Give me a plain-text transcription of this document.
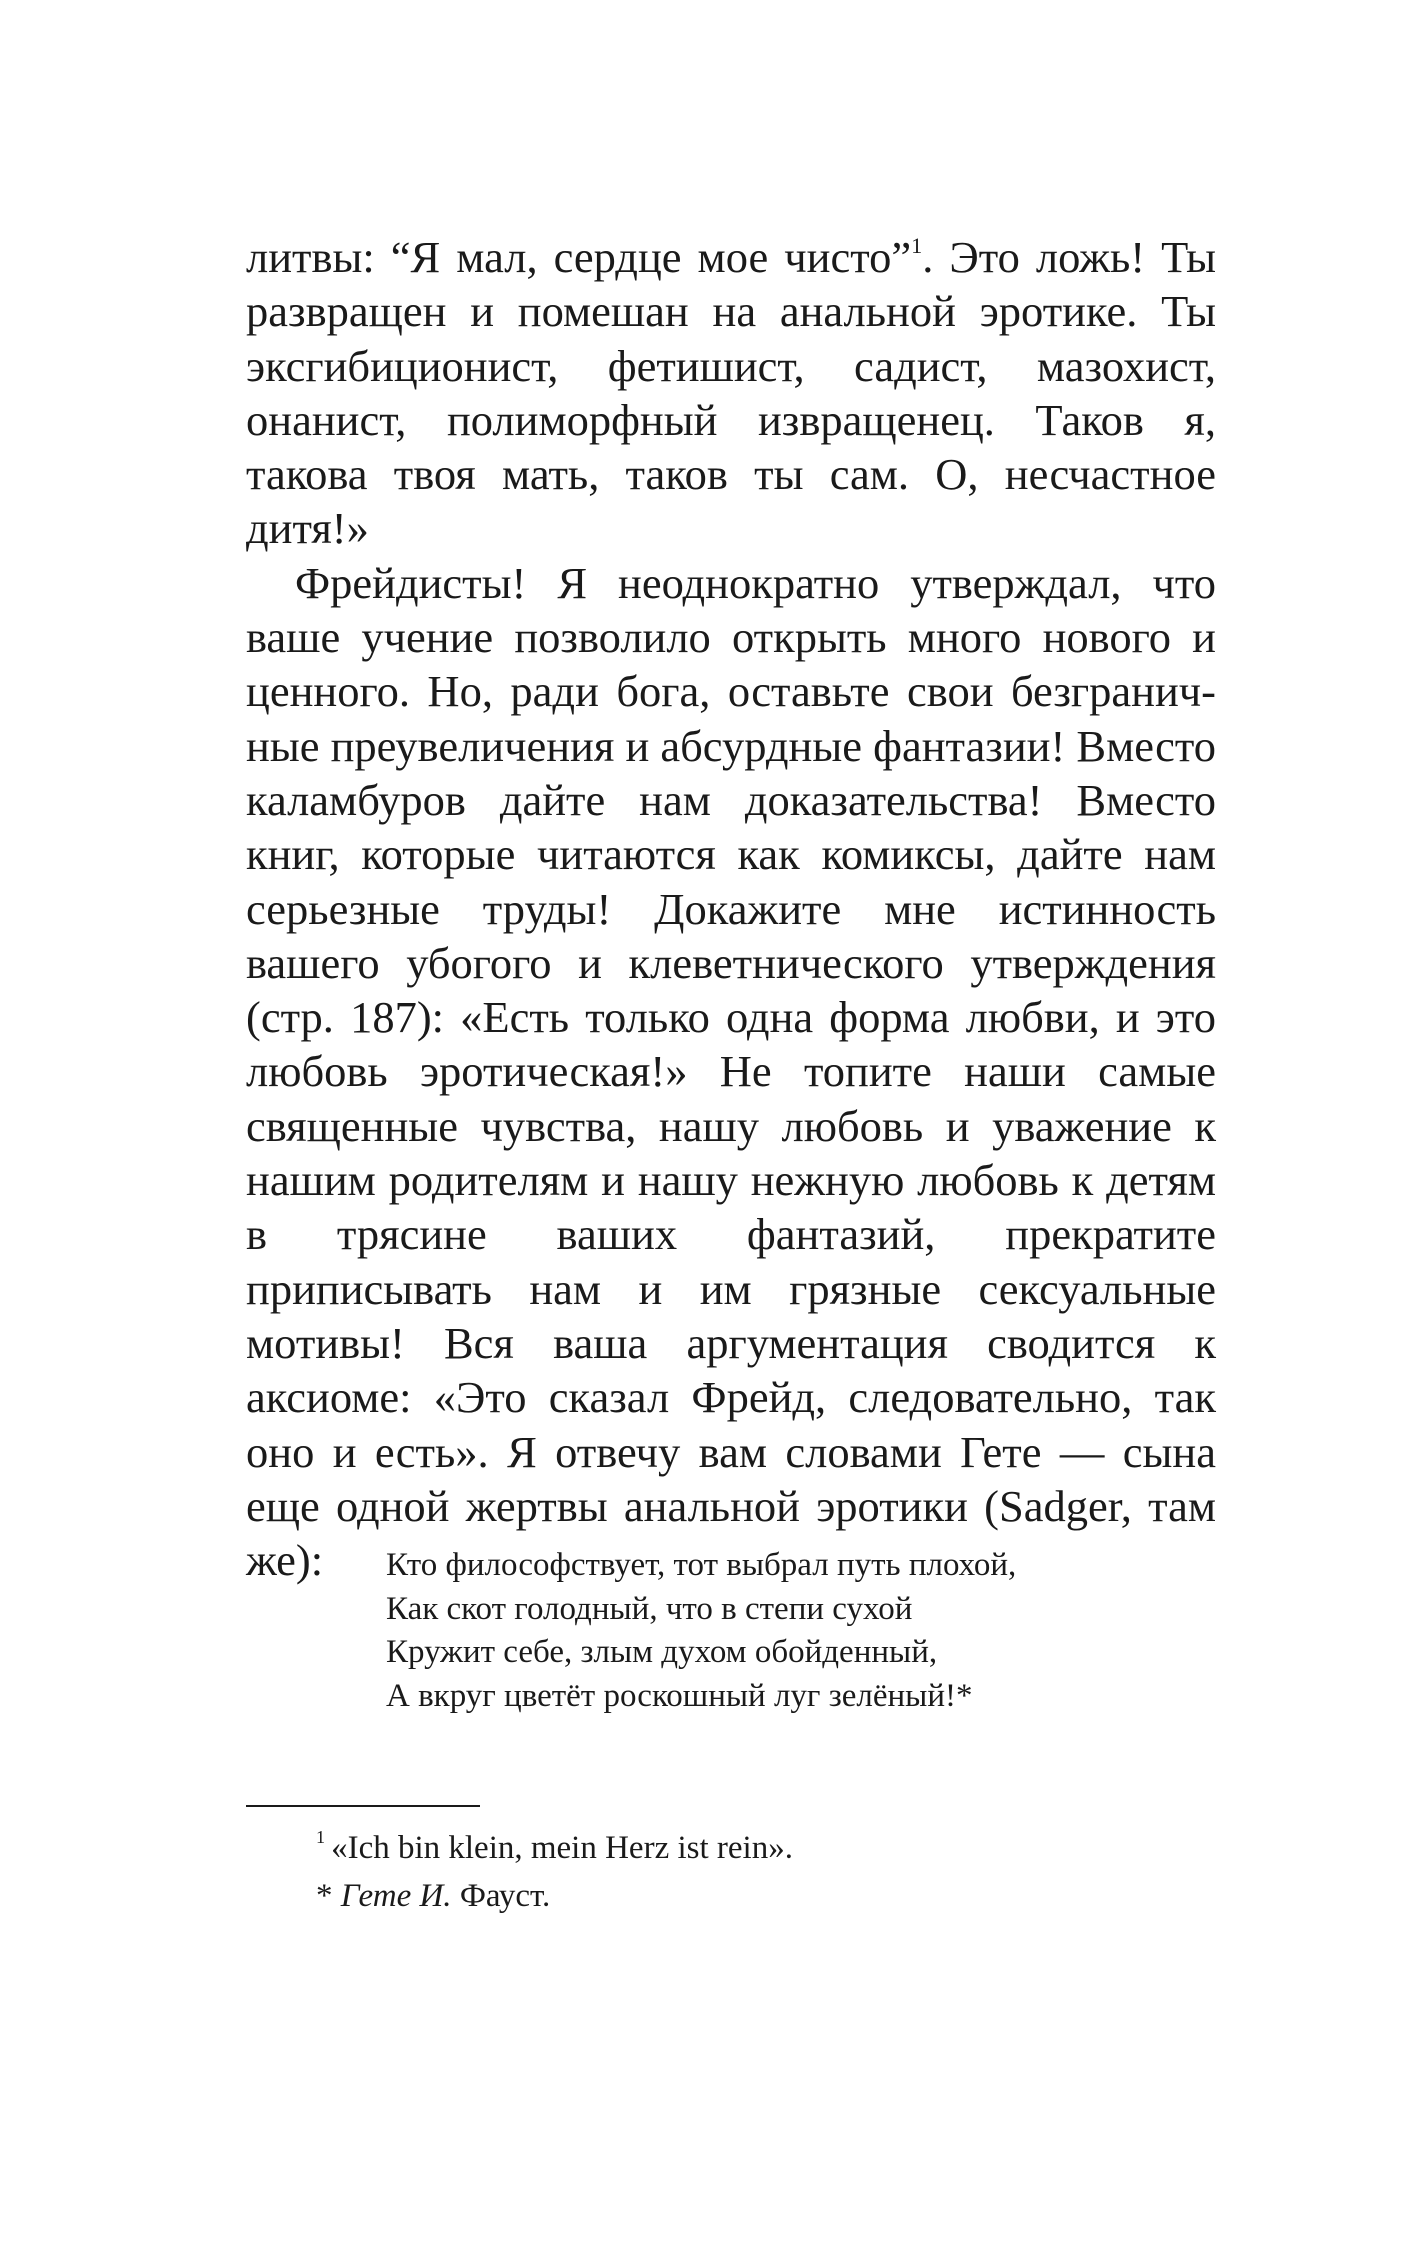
литвы: “Я мал, сердце мое чисто”$^1$. Это ложь! Ты развращен и помешан на анальной эротике. Ты эксгибиционист, фетишист, садист, мазохист, онанист, полиморфный извращенец. Таков я, такова твоя мать, таков ты сам. О, несчастное дитя!»

Фрейдисты! Я неоднократно утверждал, что ваше учение позволило открыть много нового и ценного. Но, ради бога, оставьте свои безграничные преувеличения и абсурдные фантазии! Вместо каламбуров дайте нам доказательства! Вместо книг, которые читаются как комиксы, дайте нам серьезные труды! Докажите мне истинность вашего убогого и клеветнического утверждения (стр. 187): «Есть только одна форма любви, и это любовь эротическая!» Не топите наши самые священные чувства, нашу любовь и уважение к нашим родителям и нашу нежную любовь к детям в трясине ваших фантазий, прекратите приписывать нам и им грязные сексуальные мотивы! Вся ваша аргументация сводится к аксиоме: «Это сказал Фрейд, следовательно, так оно и есть». Я отвечу вам словами Гете — сына еще одной жертвы анальной эротики (Sadger, там же):	Кто философствует, тот выбрал путь плохой,
Как скот голодный, что в степи сухой
Кружит себе, злым духом обойденный,
А вкруг цветёт роскошный луг зелёный!*
$^1$ «Ich bin klein, mein Herz ist rein».
* Гете И. Фауст.
